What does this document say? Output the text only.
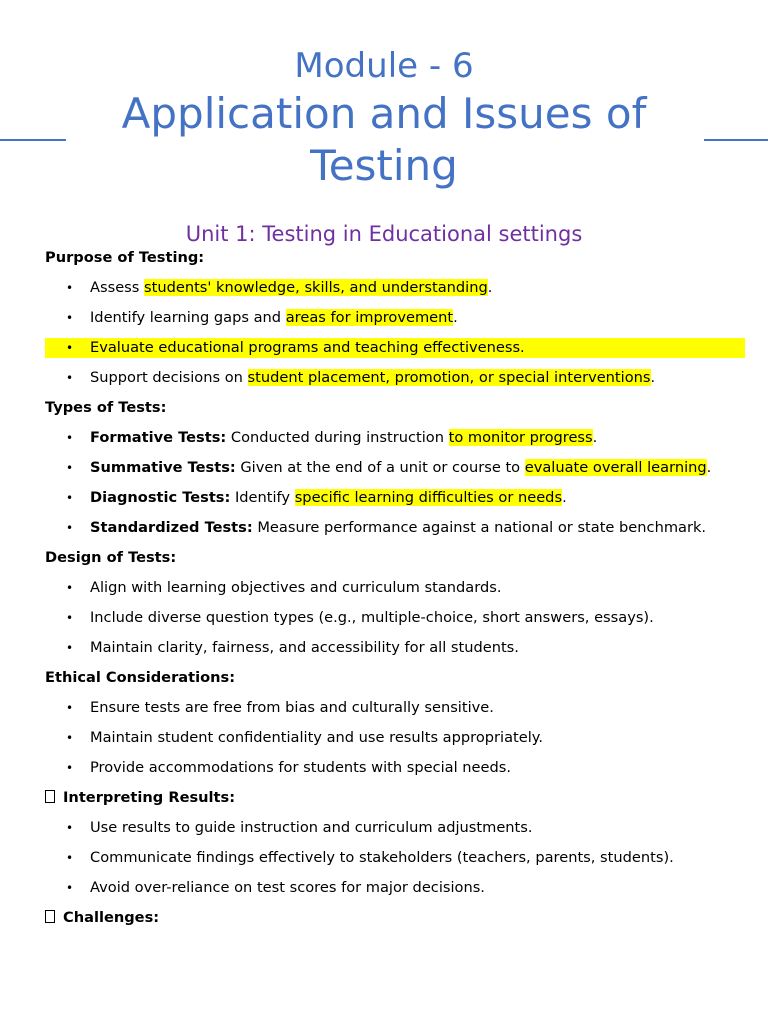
Module - 6
Application and Issues of
Testing
Unit 1: Testing in Educational settings
Purpose of Testing:
• Assess students' knowledge, skills, and understanding.
• Identify learning gaps and areas for improvement.
• Evaluate educational programs and teaching effectiveness.
• Support decisions on student placement, promotion, or special interventions.
Types of Tests:
• Formative Tests: Conducted during instruction to monitor progress.
• Summative Tests: Given at the end of a unit or course to evaluate overall learning.
• Diagnostic Tests: Identify specific learning difficulties or needs.
• Standardized Tests: Measure performance against a national or state benchmark.
Design of Tests:
• Align with learning objectives and curriculum standards.
• Include diverse question types (e.g., multiple-choice, short answers, essays).
• Maintain clarity, fairness, and accessibility for all students.
Ethical Considerations:
• Ensure tests are free from bias and culturally sensitive.
• Maintain student confidentiality and use results appropriately.
• Provide accommodations for students with special needs.
Interpreting Results:
• Use results to guide instruction and curriculum adjustments.
• Communicate findings effectively to stakeholders (teachers, parents, students).
• Avoid over-reliance on test scores for major decisions.
Challenges:
